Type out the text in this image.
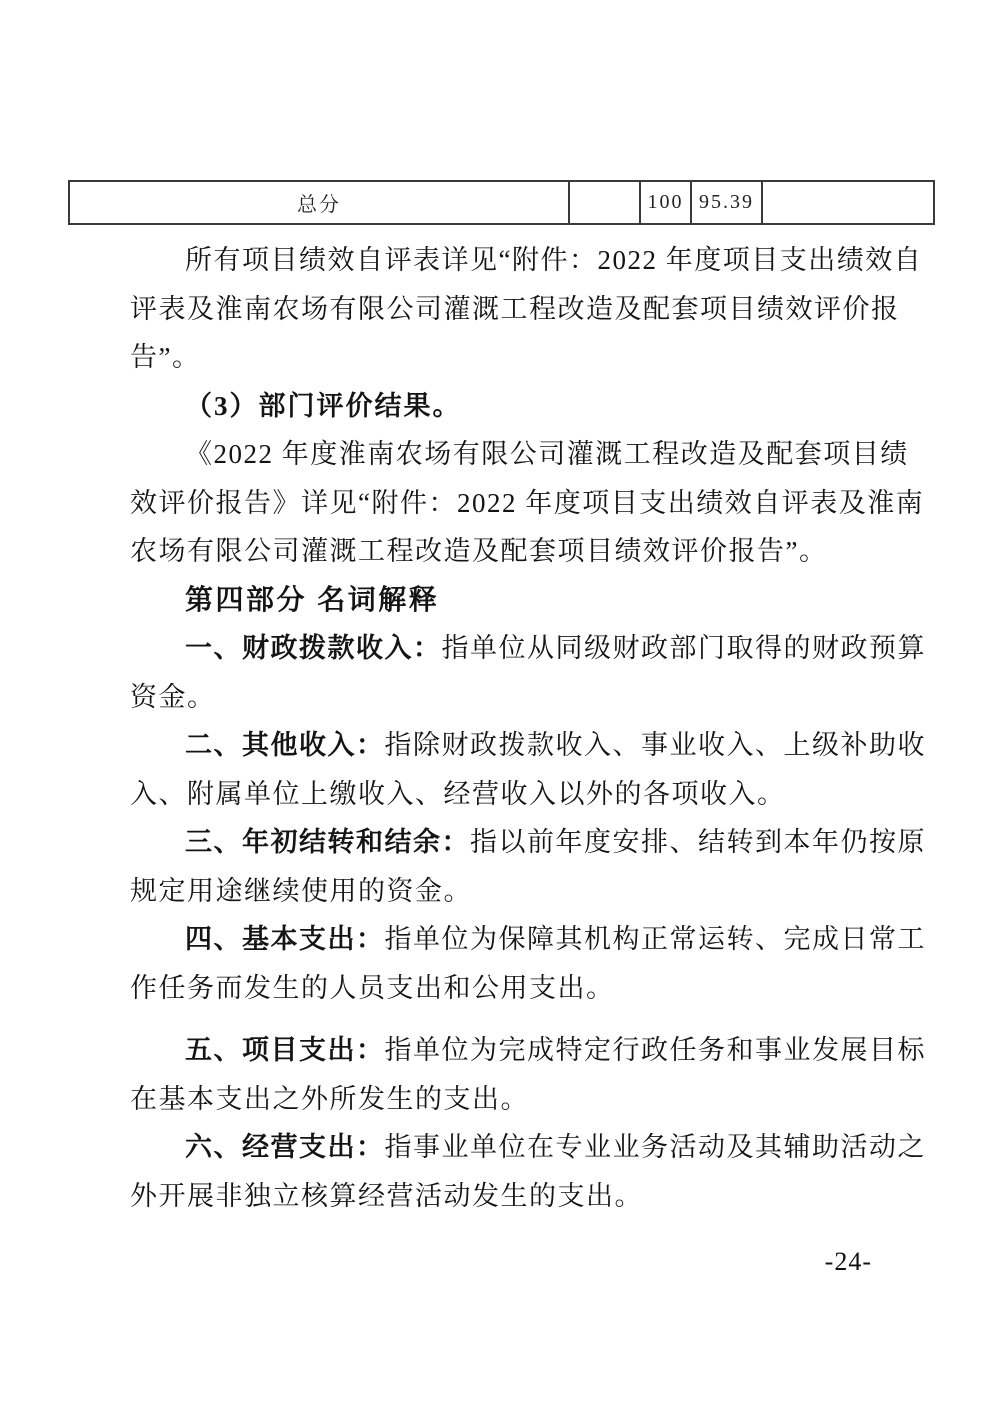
总分	100 95.39
所有项目绩效自评表详见“附件：2022 年度项目支出绩效自
评表及淮南农场有限公司灌溉工程改造及配套项目绩效评价报
告”。
（3）部门评价结果。
《2022 年度淮南农场有限公司灌溉工程改造及配套项目绩
效评价报告》详见“附件：2022 年度项目支出绩效自评表及淮南
农场有限公司灌溉工程改造及配套项目绩效评价报告”。
第四部分 名词解释
一、财政拨款收入：指单位从同级财政部门取得的财政预算
资金。
二、其他收入：指除财政拨款收入、事业收入、上级补助收
入、附属单位上缴收入、经营收入以外的各项收入。
三、年初结转和结余：指以前年度安排、结转到本年仍按原
规定用途继续使用的资金。
四、基本支出：指单位为保障其机构正常运转、完成日常工
作任务而发生的人员支出和公用支出。
五、项目支出：指单位为完成特定行政任务和事业发展目标
在基本支出之外所发生的支出。
六、经营支出：指事业单位在专业业务活动及其辅助活动之
外开展非独立核算经营活动发生的支出。
-24-
